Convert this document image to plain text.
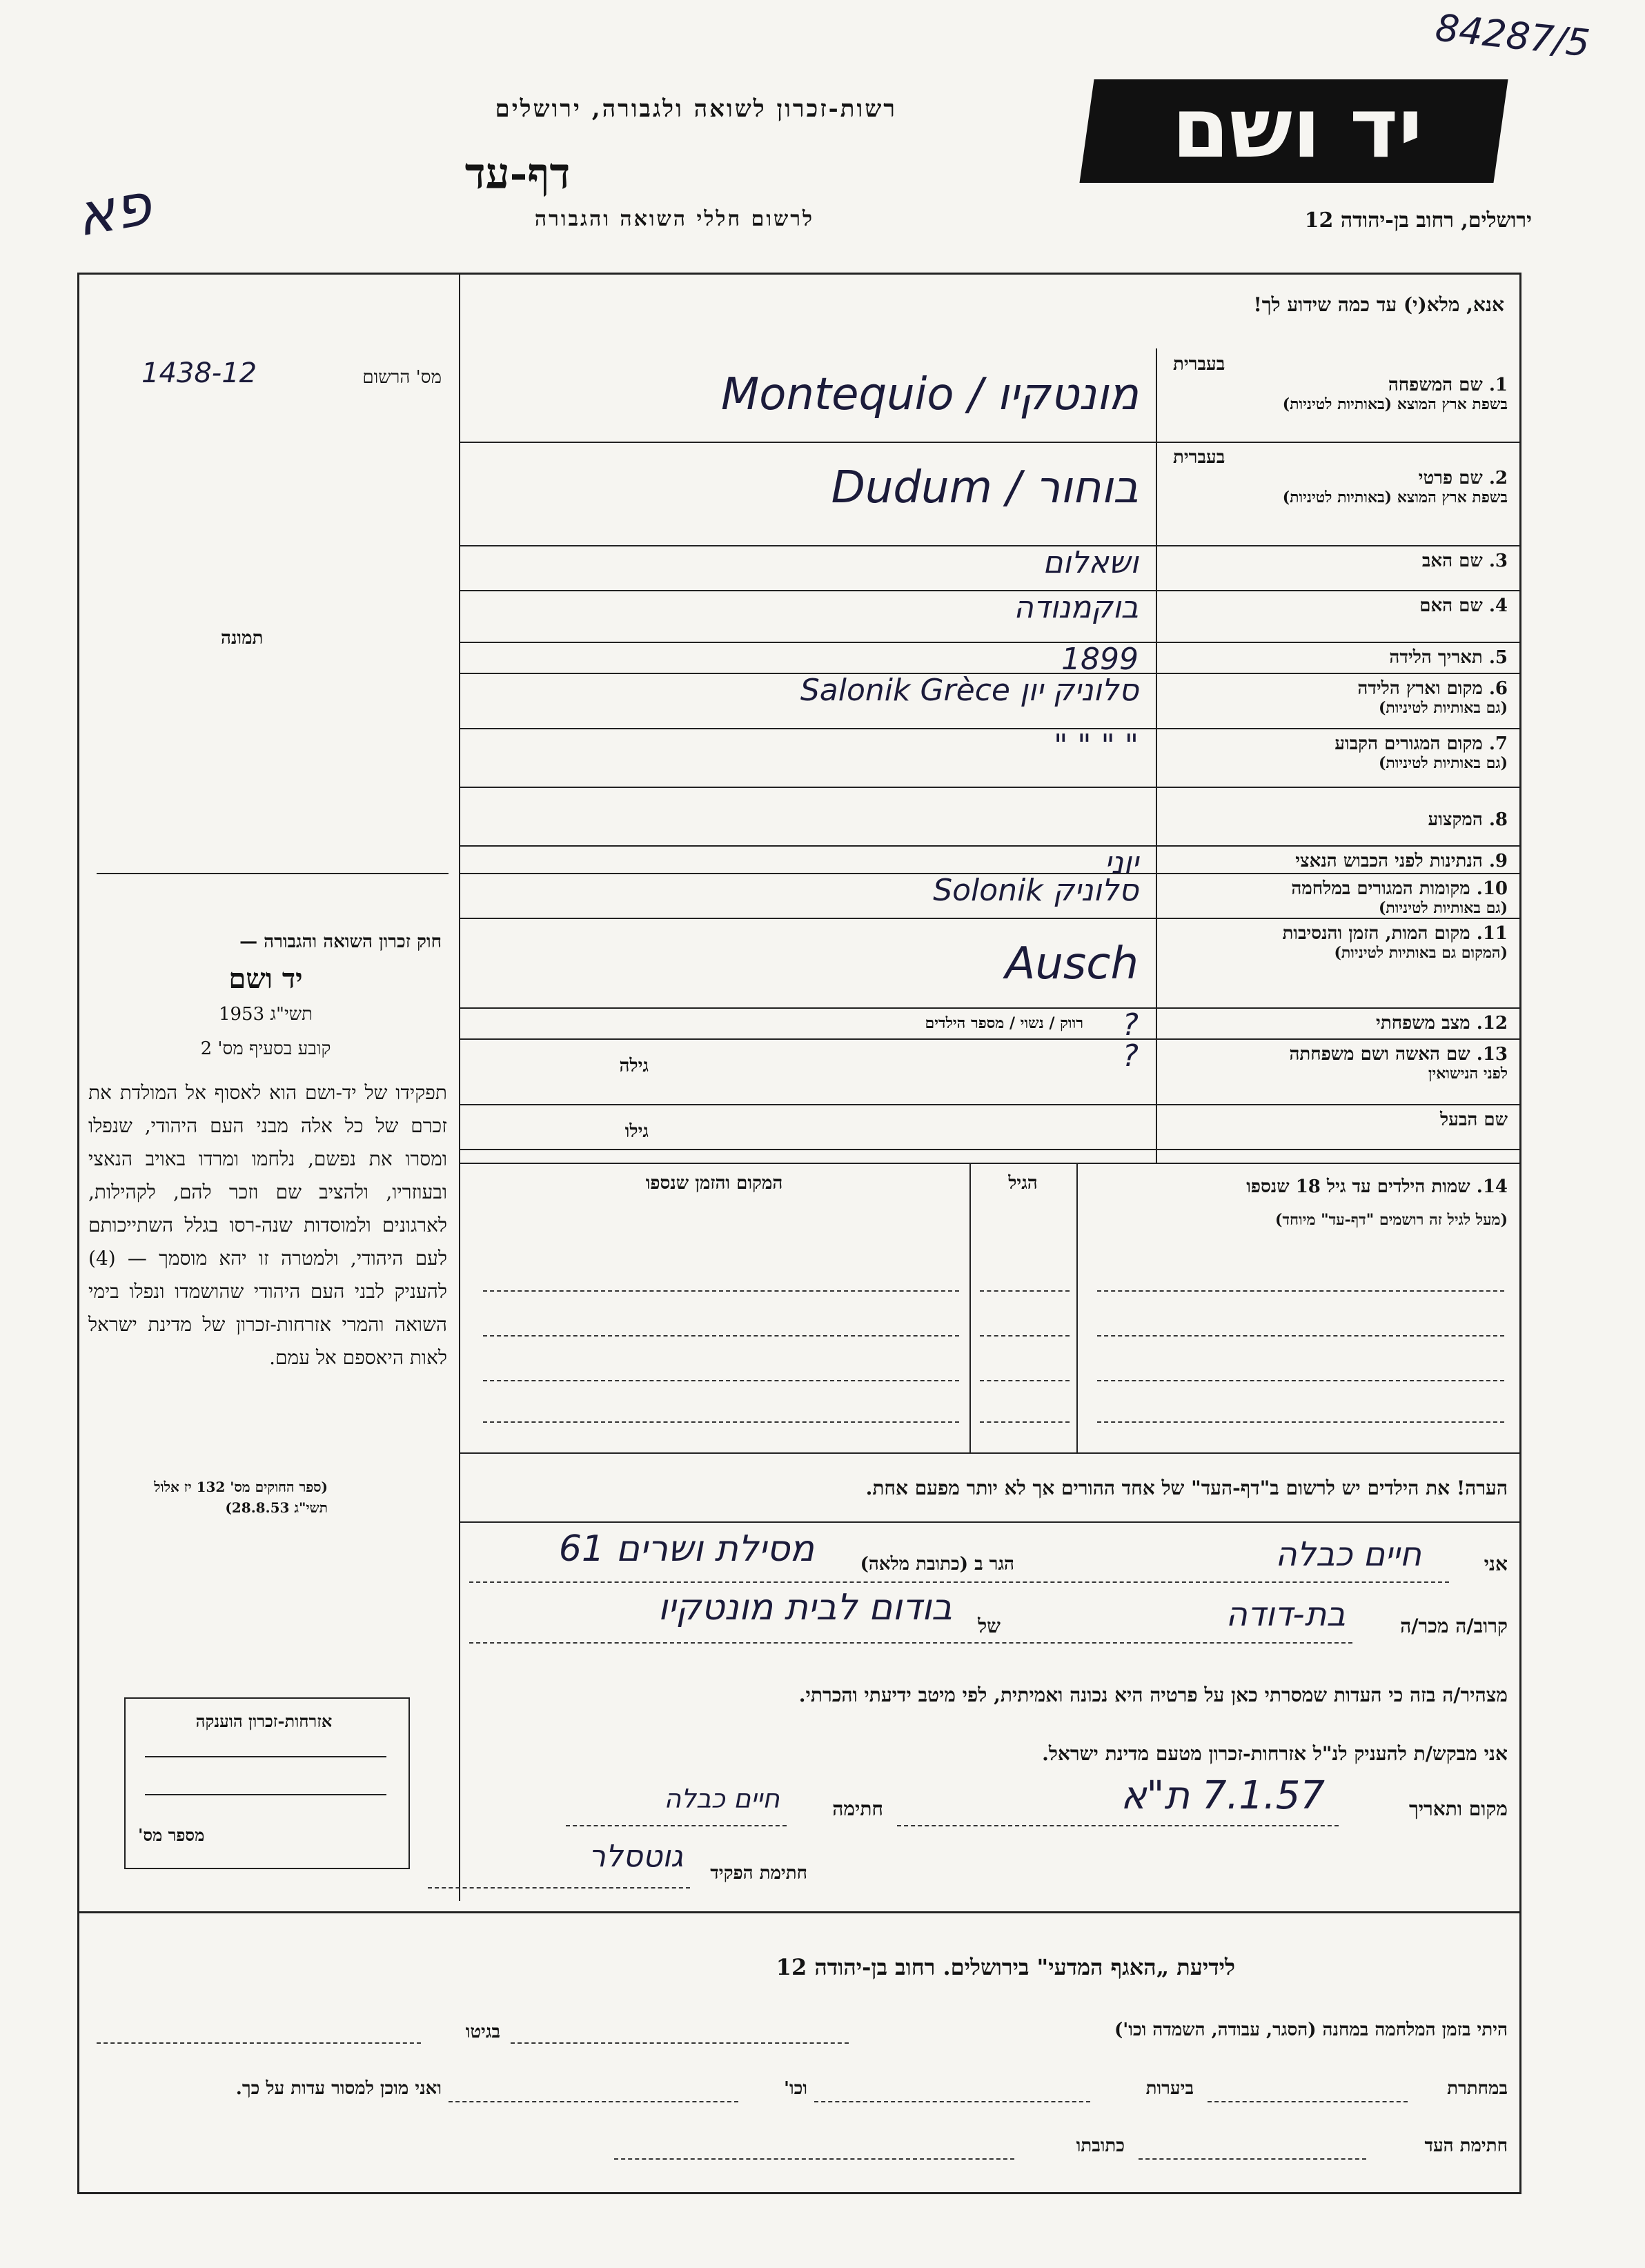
יד ושם
רשות-זכרון לשואה ולגבורה, ירושלים
דף-עד
לרשום חללי השואה והגבורה	ירושלים, רחוב בן-יהודה 12
84287/5
פא
מס' הרשום
1438-12
תמונה
חוק זכרון השואה והגבורה —
יד ושם
תשי"ג 1953
קובע בסעיף מס' 2
תפקידו של יד-ושם הוא לאסוף אל המולדת את זכרם של כל אלה מבני העם היהודי, שנפלו ומסרו את נפשם, נלחמו ומרדו באויב הנאצי ובעוזריו, ולהציב שם וזכר להם, לקהילות, לארגונים ולמוסדות שנה-רסו בגלל השתייכותם לעם היהודי, ולמטרה זו יהא מוסמך — (4) להעניק לבני העם היהודי שהושמדו ונפלו בימי השואה והמרי אזרחות-זכרון של מדינת ישראל לאות היאספם אל עמם.
(ספר החוקים מס' 132 יז אלול תשי"ג 28.8.53)
אזרחות-זכרון הוענקה
מספר מס'
אנא, מלא(י) עד כמה שידוע לך!
בעברית
1. שם המשפחה
בשפת ארץ המוצא (באותיות לטיניות)
Montequio / מונטקיו
בעברית
2. שם פרטי
בשפת ארץ המוצא (באותיות לטיניות)
Dudum / בוחור
3. שם האב
ושאלום
4. שם האם
בוקמנודה
5. תאריך הלידה
1899
6. מקום וארץ הלידה
(גם באותיות לטיניות)
Salonik Grèce סלוניק יון
7. מקום המגורים הקבוע
(גם באותיות לטיניות)
" " " "
8. המקצוע
9. הנתינות לפני הכבוש הנאצי
יוני
10. מקומות המגורים במלחמה
(גם באותיות לטיניות)
Solonik סלוניק
11. מקום המות, הזמן והנסיבות
(המקום גם באותיות לטיניות)
Ausch
12. מצב משפחתי
?
רווק / נשוי / מספר הילדים
13. שם האשה ושם משפחתה
לפני הנישואין
?
גילה
שם הבעל
גילו
14. שמות הילדים עד גיל 18 שנספו
(מעל לגיל זה רושמים "דף-עד" מיוחד)
הגיל
המקום והזמן שנספו
הערה! את הילדים יש לרשום ב"דף-העד" של אחד ההורים אך לא יותר מפעם אחת.
אני
חיים כבלה
הגר ב (כתובת מלאה)
מסילת ושרים 61
קרוב/ה מכר/ה
בת-דודה
של
בודום לבית מונטקיו
מצהיר/ה בזה כי העדות שמסרתי כאן על פרטיה היא נכונה ואמיתית, לפי מיטב ידיעתי והכרתי.
אני מבקש/ת להעניק לנ"ל אזרחות-זכרון מטעם מדינת ישראל.
מקום ותאריך
7.1.57 ת"א
חתימה
חיים כבלה
חתימת הפקיד
גוטסלר
לידיעת „האגף המדעי" בירושלים. רחוב בן-יהודה 12
היתי בזמן המלחמה במחנה (הסגר, עבודה, השמדה וכו')
בגיטו
במחתרת
ביערות
וכו'
ואני מוכן למסור עדות על כך.
חתימת העד
כתובתו
